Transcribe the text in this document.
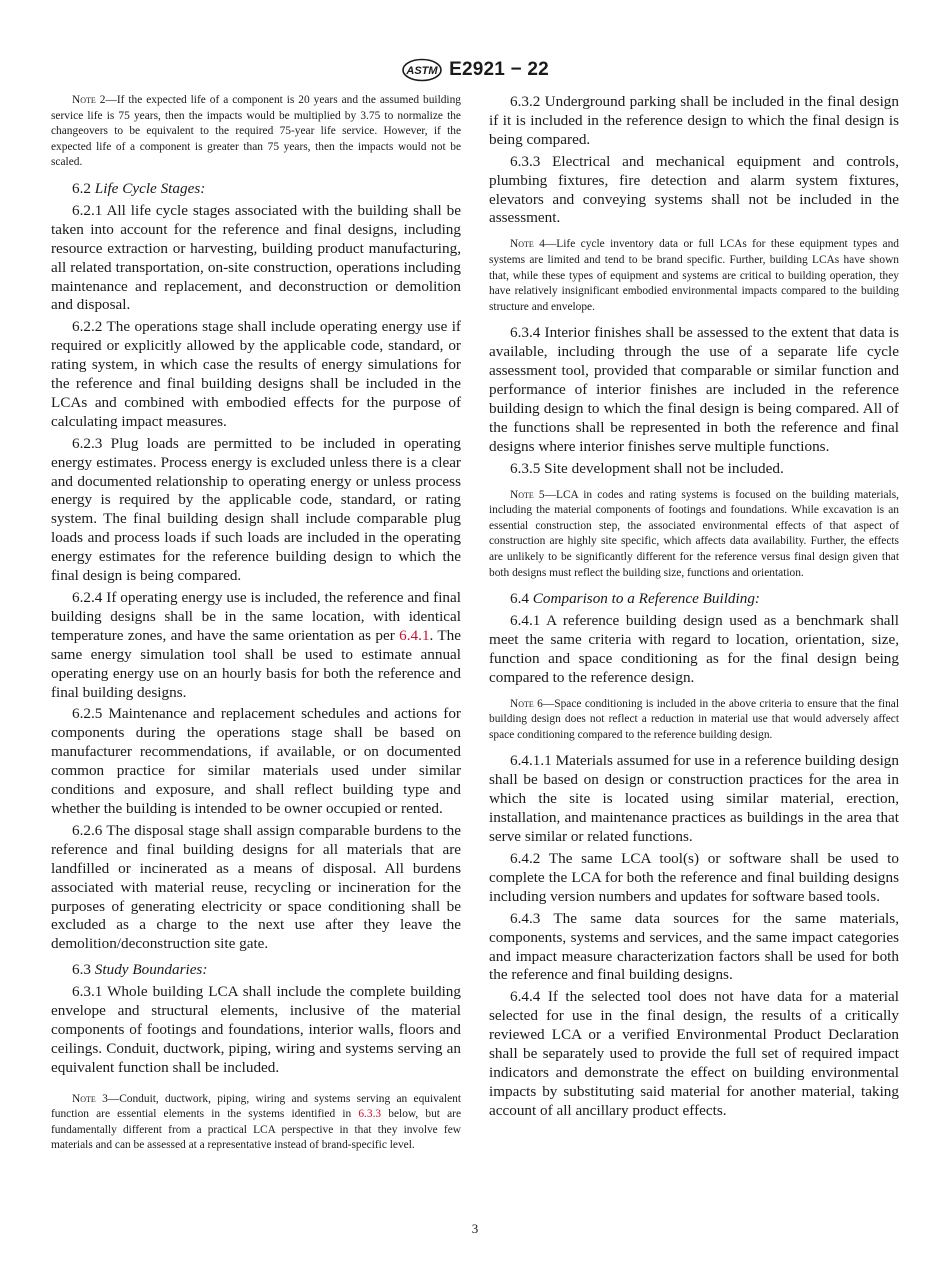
ASTM E2921 − 22

Note 2—If the expected life of a component is 20 years and the assumed building service life is 75 years, then the impacts would be multiplied by 3.75 to normalize the changeovers to be equivalent to the required 75-year life service. However, if the expected life of a component is greater than 75 years, then the impacts would not be scaled.

6.2 Life Cycle Stages:

6.2.1 All life cycle stages associated with the building shall be taken into account for the reference and final designs, including resource extraction or harvesting, building product manufacturing, all related transportation, on-site construction, operations including maintenance and replacement, and deconstruction or demolition and disposal.

6.2.2 The operations stage shall include operating energy use if required or explicitly allowed by the applicable code, standard, or rating system, in which case the results of energy simulations for the reference and final building designs shall be included in the LCAs and combined with embodied effects for the purpose of calculating impact measures.

6.2.3 Plug loads are permitted to be included in operating energy estimates. Process energy is excluded unless there is a clear and documented relationship to operating energy or unless process energy is required by the applicable code, standard, or rating system. The final building design shall include comparable plug loads and process loads if such loads are included in the operating energy estimates for the reference building design to which the final design is being compared.

6.2.4 If operating energy use is included, the reference and final building designs shall be in the same location, with identical temperature zones, and have the same orientation as per 6.4.1. The same energy simulation tool shall be used to estimate annual operating energy use on an hourly basis for both the reference and final building designs.

6.2.5 Maintenance and replacement schedules and actions for components during the operations stage shall be based on manufacturer recommendations, if available, or on documented common practice for similar materials used under similar conditions and exposure, and shall reflect building type and whether the building is intended to be owner occupied or rented.

6.2.6 The disposal stage shall assign comparable burdens to the reference and final building designs for all materials that are landfilled or incinerated as a means of disposal. All burdens associated with material reuse, recycling or incineration for the purposes of generating electricity or space conditioning shall be excluded as a charge to the next use after they leave the demolition/deconstruction site gate.

6.3 Study Boundaries:

6.3.1 Whole building LCA shall include the complete building envelope and structural elements, inclusive of the material components of footings and foundations, interior walls, floors and ceilings. Conduit, ductwork, piping, wiring and systems serving an equivalent function shall be included.

Note 3—Conduit, ductwork, piping, wiring and systems serving an equivalent function are essential elements in the systems identified in 6.3.3 below, but are fundamentally different from a practical LCA perspective in that they involve few materials and can be assessed at a representative instead of brand-specific level.

6.3.2 Underground parking shall be included in the final design if it is included in the reference design to which the final design is being compared.

6.3.3 Electrical and mechanical equipment and controls, plumbing fixtures, fire detection and alarm system fixtures, elevators and conveying systems shall not be included in the assessment.

Note 4—Life cycle inventory data or full LCAs for these equipment types and systems are limited and tend to be brand specific. Further, building LCAs have shown that, while these types of equipment and systems are critical to building operation, they have relatively insignificant embodied environmental impacts compared to the building structure and envelope.

6.3.4 Interior finishes shall be assessed to the extent that data is available, including through the use of a separate life cycle assessment tool, provided that comparable or similar function and performance of interior finishes are included in the reference building design to which the final design is being compared. All of the functions shall be represented in both the reference and final designs where interior finishes serve multiple functions.

6.3.5 Site development shall not be included.

Note 5—LCA in codes and rating systems is focused on the building materials, including the material components of footings and foundations. While excavation is an essential construction step, the associated environmental effects of that aspect of construction are highly site specific, which affects data availability. Further, the effects are unlikely to be significantly different for the reference versus final design given that both designs must reflect the building size, functions and orientation.

6.4 Comparison to a Reference Building:

6.4.1 A reference building design used as a benchmark shall meet the same criteria with regard to location, orientation, size, function and space conditioning as for the final design being compared to the reference design.

Note 6—Space conditioning is included in the above criteria to ensure that the final building design does not reflect a reduction in material use that would adversely affect space conditioning compared to the reference building design.

6.4.1.1 Materials assumed for use in a reference building design shall be based on design or construction practices for the area in which the site is located using similar material, erection, installation, and maintenance practices as buildings in the area that serve similar or related functions.

6.4.2 The same LCA tool(s) or software shall be used to complete the LCA for both the reference and final building designs including version numbers and updates for software based tools.

6.4.3 The same data sources for the same materials, components, systems and services, and the same impact categories and impact measure characterization factors shall be used for both the reference and final building designs.

6.4.4 If the selected tool does not have data for a material selected for use in the final design, the results of a critically reviewed LCA or a verified Environmental Product Declaration shall be separately used to provide the full set of required impact indicators and demonstrate the effect on building environmental impacts by substituting said material for another material, taking account of all ancillary product effects.

3
